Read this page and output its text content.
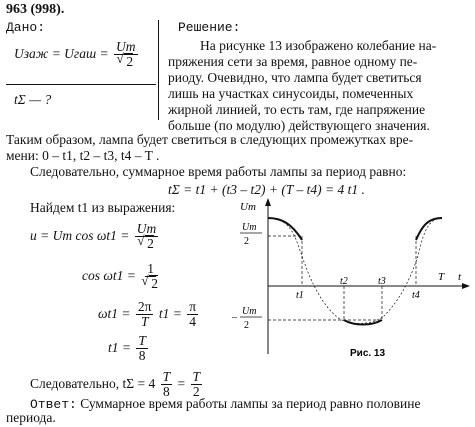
963 (998).
Дано:
Uзаж = Uгаш = Um
√ 2
tΣ — ?
Решение:
На рисунке 13 изображено колебание на-
пряжения сети за время, равное одному пе-
риоду. Очевидно, что лампа будет светиться
лишь на участках синусоиды, помеченных
жирной линией, то есть там, где напряжение
больше (по модулю) действующего значения.
Таким образом, лампа будет светиться в следующих промежутках вре-
мени: 0 – t1, t2 – t3, t4 – T .
Следовательно, суммарное время работы лампы за период равно:
tΣ = t1 + (t3 – t2) + (T – t4) = 4 t1 .
Найдем t1 из выражения:
u = Um cos ωt1 = Um
√ 2
cos ωt1 = 1
√ 2
$\omega t1 = \frac{2\pi}{T} t1 = \frac{\pi}{4}$
$t1 = \frac{T}{8}$
Следовательно, $t\Sigma = 4 \frac{T}{8} = \frac{T}{2}$
Ответ: Суммарное время работы лампы за период равно половине
периода.
Um
Um
2
–
Um
2
t1
t2	t3
t4
T t
Рис. 13
